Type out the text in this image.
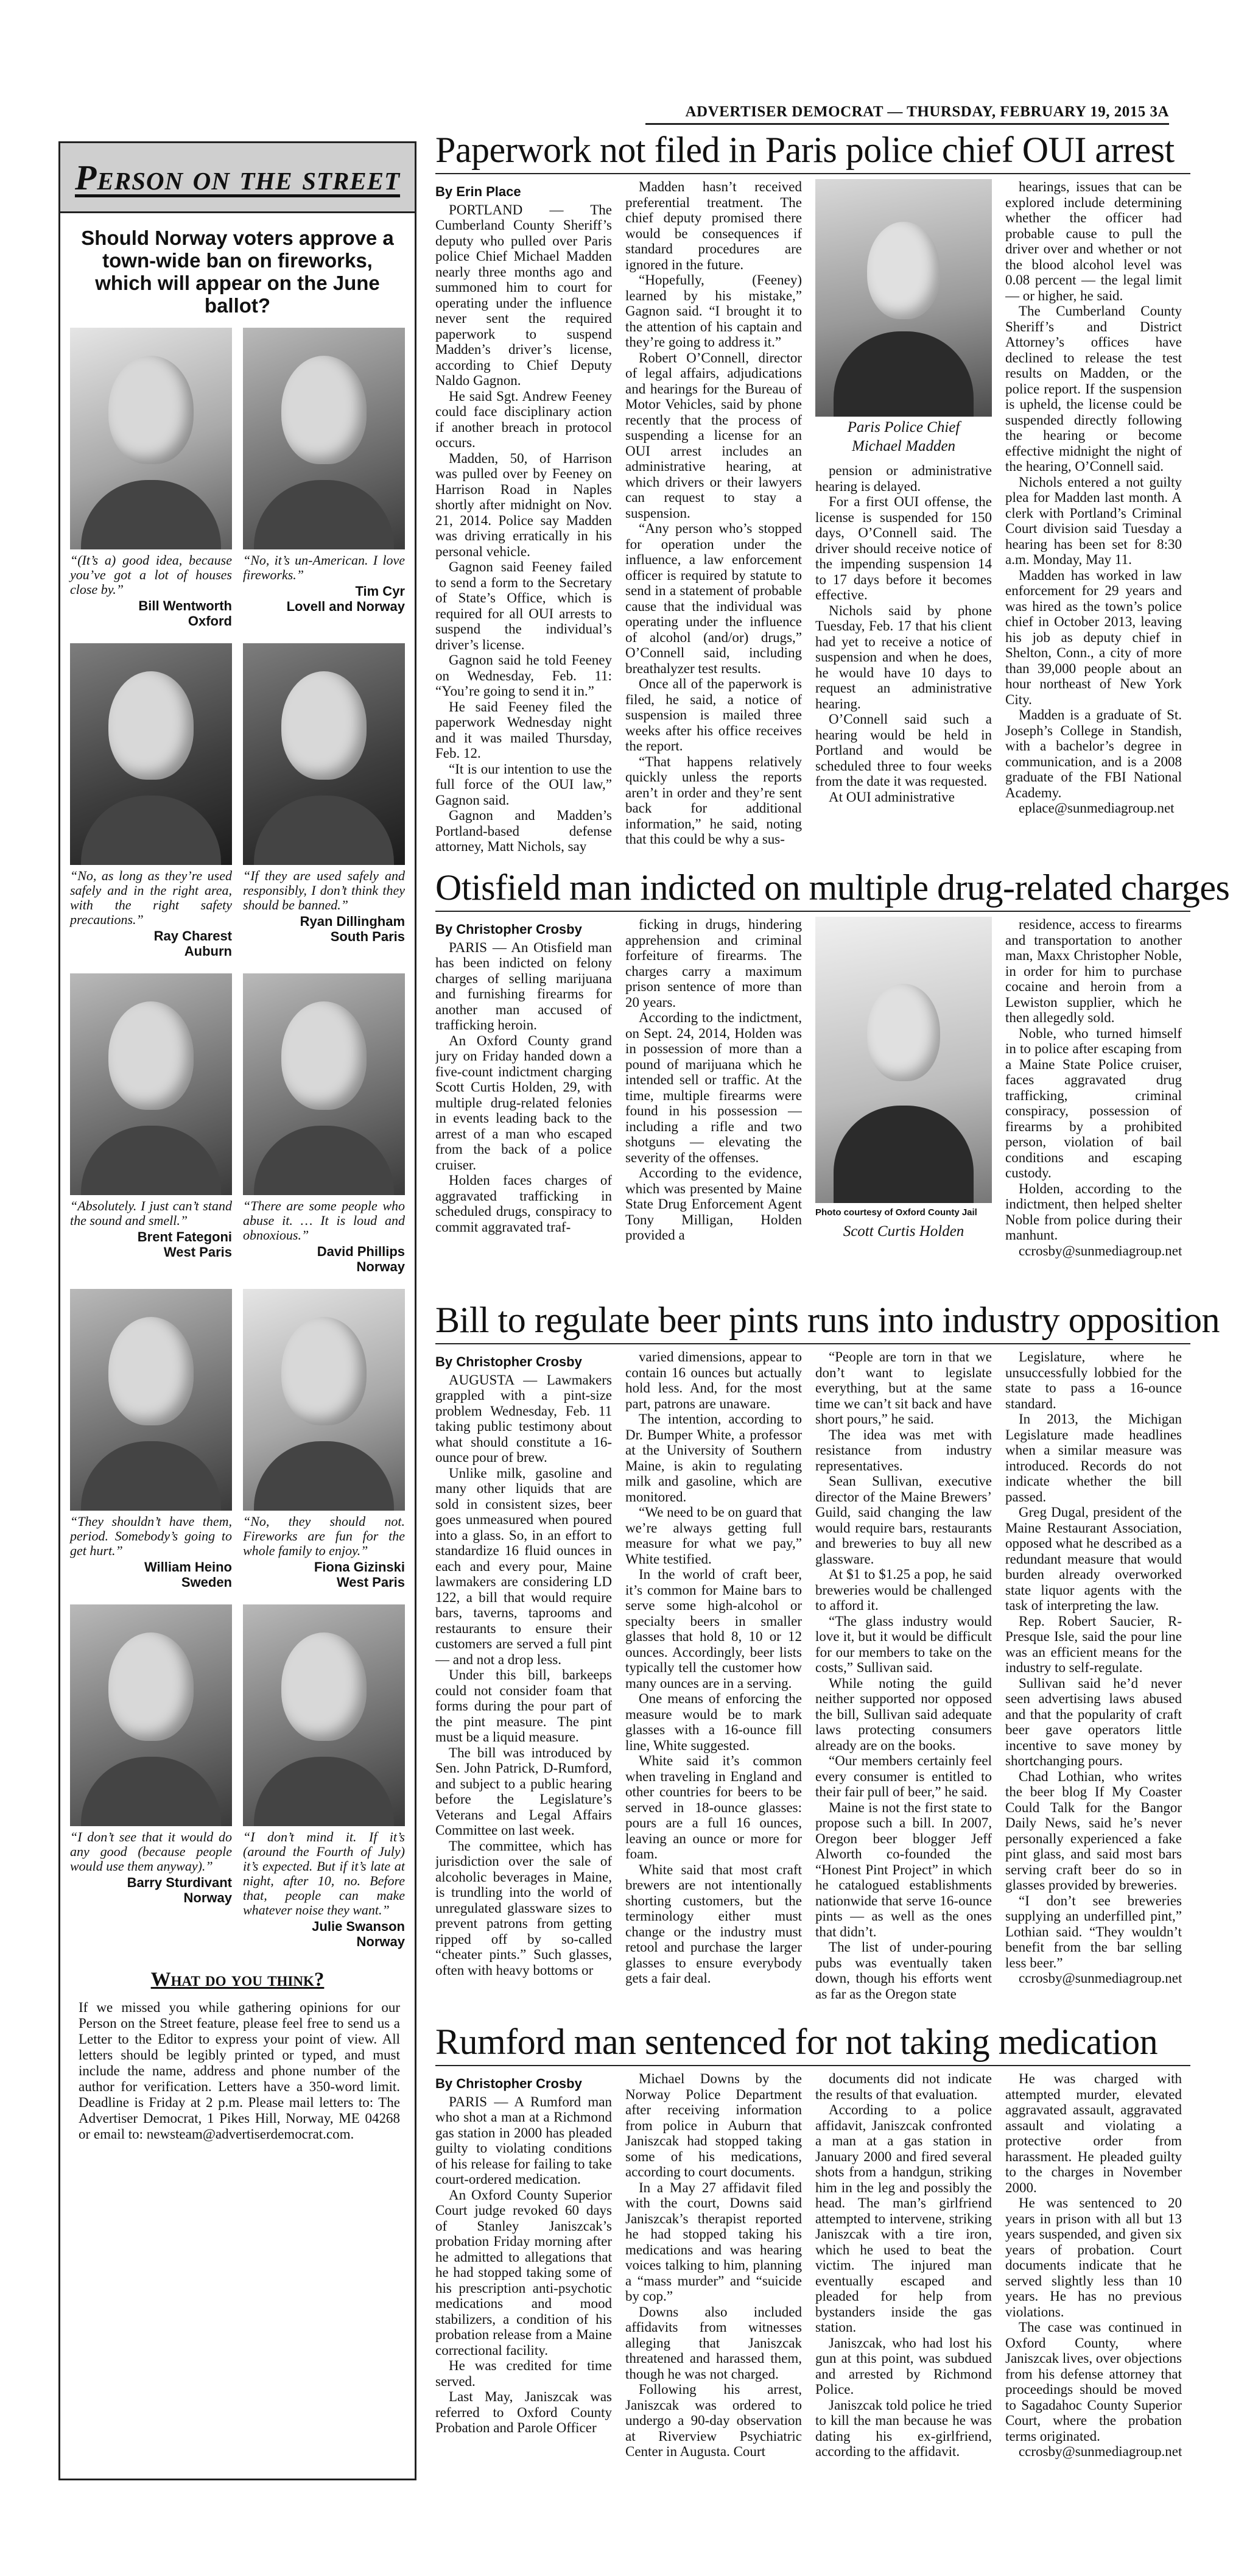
ADVERTISER DEMOCRAT — THURSDAY, FEBRUARY 19, 2015 3A
Person on the street
Should Norway voters approve a town-wide ban on fireworks, which will appear on the June ballot?
“(It’s a) good idea, because you’ve got a lot of houses close by.”
Bill Wentworth
Oxford
“No, it’s un-American. I love fireworks.”
Tim Cyr
Lovell and Norway
“No, as long as they’re used safely and in the right area, with the right safety precautions.”
Ray Charest
Auburn
“If they are used safely and responsibly, I don’t think they should be banned.”
Ryan Dillingham
South Paris
“Absolutely. I just can’t stand the sound and smell.”
Brent Fategoni
West Paris
“There are some people who abuse it. … It is loud and obnoxious.”
David Phillips
Norway
“They shouldn’t have them, period. Somebody’s going to get hurt.”
William Heino
Sweden
“No, they should not. Fireworks are fun for the whole family to enjoy.”
Fiona Gizinski
West Paris
“I don’t see that it would do any good (because people would use them anyway).”
Barry Sturdivant
Norway
“I don’t mind it. If it’s (around the Fourth of July) it’s expected. But if it’s late at night, after 10, no. Before that, people can make whatever noise they want.”
Julie Swanson
Norway
What do you think?
If we missed you while gathering opinions for our Person on the Street feature, please feel free to send us a Letter to the Editor to express your point of view. All letters should be legibly printed or typed, and must include the name, address and phone number of the author for verification. Letters have a 350-word limit. Deadline is Friday at 2 p.m. Please mail letters to: The Advertiser Democrat, 1 Pikes Hill, Norway, ME 04268 or email to: newsteam@advertiserdemocrat.com.
Paperwork not filed in Paris police chief OUI arrest
By Erin Place

PORTLAND — The Cumberland County Sheriff’s deputy who pulled over Paris police Chief Michael Madden nearly three months ago and summoned him to court for operating under the influence never sent the required paperwork to suspend Madden’s driver’s license, according to Chief Deputy Naldo Gagnon.

He said Sgt. Andrew Feeney could face disciplinary action if another breach in protocol occurs.

Madden, 50, of Harrison was pulled over by Feeney on Harrison Road in Naples shortly after midnight on Nov. 21, 2014. Police say Madden was driving erratically in his personal vehicle.

Gagnon said Feeney failed to send a form to the Secretary of State’s Office, which is required for all OUI arrests to suspend the individual’s driver’s license.

Gagnon said he told Feeney on Wednesday, Feb. 11: “You’re going to send it in.”

He said Feeney filed the paperwork Wednesday night and it was mailed Thursday, Feb. 12.

“It is our intention to use the full force of the OUI law,” Gagnon said.

Gagnon and Madden’s Portland-based defense attorney, Matt Nichols, say

Madden hasn’t received preferential treatment. The chief deputy promised there would be consequences if standard procedures are ignored in the future.

“Hopefully, (Feeney) learned by his mistake,” Gagnon said. “I brought it to the attention of his captain and they’re going to address it.”

Robert O’Connell, director of legal affairs, adjudications and hearings for the Bureau of Motor Vehicles, said by phone recently that the process of suspending a license for an OUI arrest includes an administrative hearing, at which drivers or their lawyers can request to stay a suspension.

“Any person who’s stopped for operation under the influence, a law enforcement officer is required by statute to send in a statement of probable cause that the individual was operating under the influence of alcohol (and/or) drugs,” O’Connell said, including breathalyzer test results.

Once all of the paperwork is filed, he said, a notice of suspension is mailed three weeks after his office receives the report.

“That happens relatively quickly unless the reports aren’t in order and they’re sent back for additional information,” he said, noting that this could be why a sus-

Paris Police Chief
Michael Madden

pension or administrative hearing is delayed.

For a first OUI offense, the license is suspended for 150 days, O’Connell said. The driver should receive notice of the impending suspension 14 to 17 days before it becomes effective.

Nichols said by phone Tuesday, Feb. 17 that his client had yet to receive a notice of suspension and when he does, he would have 10 days to request an administrative hearing.

O’Connell said such a hearing would be held in Portland and would be scheduled three to four weeks from the date it was requested.

At OUI administrative

hearings, issues that can be explored include determining whether the officer had probable cause to pull the driver over and whether or not the blood alcohol level was 0.08 percent — the legal limit — or higher, he said.

The Cumberland County Sheriff’s and District Attorney’s offices have declined to release the test results on Madden, or the police report. If the suspension is upheld, the license could be suspended directly following the hearing or become effective midnight the night of the hearing, O’Connell said.

Nichols entered a not guilty plea for Madden last month. A clerk with Portland’s Criminal Court division said Tuesday a hearing has been set for 8:30 a.m. Monday, May 11.

Madden has worked in law enforcement for 29 years and was hired as the town’s police chief in October 2013, leaving his job as deputy chief in Shelton, Conn., a city of more than 39,000 people about an hour northeast of New York City.

Madden is a graduate of St. Joseph’s College in Standish, with a bachelor’s degree in communication, and is a 2008 graduate of the FBI National Academy.

eplace@sunmediagroup.net

Otisfield man indicted on multiple drug-related charges
By Christopher Crosby

PARIS — An Otisfield man has been indicted on felony charges of selling marijuana and furnishing firearms for another man accused of trafficking heroin.

An Oxford County grand jury on Friday handed down a five-count indictment charging Scott Curtis Holden, 29, with multiple drug-related felonies in events leading back to the arrest of a man who escaped from the back of a police cruiser.

Holden faces charges of aggravated trafficking in scheduled drugs, conspiracy to commit aggravated traf-

ficking in drugs, hindering apprehension and criminal forfeiture of firearms. The charges carry a maximum prison sentence of more than 20 years.

According to the indictment, on Sept. 24, 2014, Holden was in possession of more than a pound of marijuana which he intended sell or traffic. At the time, multiple firearms were found in his possession — including a rifle and two shotguns — elevating the severity of the offenses.

According to the evidence, which was presented by Maine State Drug Enforcement Agent Tony Milligan, Holden provided a

Photo courtesy of Oxford County Jail
Scott Curtis Holden

residence, access to firearms and transportation to another man, Maxx Christopher Noble, in order for him to purchase cocaine and heroin from a Lewiston supplier, which he then allegedly sold.

Noble, who turned himself in to police after escaping from a Maine State Police cruiser, faces aggravated drug trafficking, criminal conspiracy, possession of firearms by a prohibited person, violation of bail conditions and escaping custody.

Holden, according to the indictment, then helped shelter Noble from police during their manhunt.

ccrosby@sunmediagroup.net

Bill to regulate beer pints runs into industry opposition
By Christopher Crosby

AUGUSTA — Lawmakers grappled with a pint-size problem Wednesday, Feb. 11 taking public testimony about what should constitute a 16-ounce pour of brew.

Unlike milk, gasoline and many other liquids that are sold in consistent sizes, beer goes unmeasured when poured into a glass. So, in an effort to standardize 16 fluid ounces in each and every pour, Maine lawmakers are considering LD 122, a bill that would require bars, taverns, taprooms and restaurants to ensure their customers are served a full pint — and not a drop less.

Under this bill, barkeeps could not consider foam that forms during the pour part of the pint measure. The pint must be a liquid measure.

The bill was introduced by Sen. John Patrick, D-Rumford, and subject to a public hearing before the Legislature’s Veterans and Legal Affairs Committee on last week.

The committee, which has jurisdiction over the sale of alcoholic beverages in Maine, is trundling into the world of unregulated glassware sizes to prevent patrons from getting ripped off by so-called “cheater pints.” Such glasses, often with heavy bottoms or

varied dimensions, appear to contain 16 ounces but actually hold less. And, for the most part, patrons are unaware.

The intention, according to Dr. Bumper White, a professor at the University of Southern Maine, is akin to regulating milk and gasoline, which are monitored.

“We need to be on guard that we’re always getting full measure for what we pay,” White testified.

In the world of craft beer, it’s common for Maine bars to serve some high-alcohol or specialty beers in smaller glasses that hold 8, 10 or 12 ounces. Accordingly, beer lists typically tell the customer how many ounces are in a serving.

One means of enforcing the measure would be to mark glasses with a 16-ounce fill line, White suggested.

White said it’s common when traveling in England and other countries for beers to be served in 18-ounce glasses: pours are a full 16 ounces, leaving an ounce or more for foam.

White said that most craft brewers are not intentionally shorting customers, but the terminology either must change or the industry must retool and purchase the larger glasses to ensure everybody gets a fair deal.

“People are torn in that we don’t want to legislate everything, but at the same time we can’t sit back and have short pours,” he said.

The idea was met with resistance from industry representatives.

Sean Sullivan, executive director of the Maine Brewers’ Guild, said changing the law would require bars, restaurants and breweries to buy all new glassware.

At $1 to $1.25 a pop, he said breweries would be challenged to afford it.

“The glass industry would love it, but it would be difficult for our members to take on the costs,” Sullivan said.

While noting the guild neither supported nor opposed the bill, Sullivan said adequate laws protecting consumers already are on the books.

“Our members certainly feel every consumer is entitled to their fair pull of beer,” he said.

Maine is not the first state to propose such a bill. In 2007, Oregon beer blogger Jeff Alworth co-founded the “Honest Pint Project” in which he catalogued establishments nationwide that serve 16-ounce pints — as well as the ones that didn’t.

The list of under-pouring pubs was eventually taken down, though his efforts went as far as the Oregon state

Legislature, where he unsuccessfully lobbied for the state to pass a 16-ounce standard.

In 2013, the Michigan Legislature made headlines when a similar measure was introduced. Records do not indicate whether the bill passed.

Greg Dugal, president of the Maine Restaurant Association, opposed what he described as a redundant measure that would burden already overworked state liquor agents with the task of interpreting the law.

Rep. Robert Saucier, R-Presque Isle, said the pour line was an efficient means for the industry to self-regulate.

Sullivan said he’d never seen advertising laws abused and that the popularity of craft beer gave operators little incentive to save money by shortchanging pours.

Chad Lothian, who writes the beer blog If My Coaster Could Talk for the Bangor Daily News, said he’s never personally experienced a fake pint glass, and said most bars serving craft beer do so in glasses provided by breweries.

“I don’t see breweries supplying an underfilled pint,” Lothian said. “They wouldn’t benefit from the bar selling less beer.”

ccrosby@sunmediagroup.net

Rumford man sentenced for not taking medication
By Christopher Crosby

PARIS — A Rumford man who shot a man at a Richmond gas station in 2000 has pleaded guilty to violating conditions of his release for failing to take court-ordered medication.

An Oxford County Superior Court judge revoked 60 days of Stanley Janiszcak’s probation Friday morning after he admitted to allegations that he had stopped taking some of his prescription anti-psychotic medications and mood stabilizers, a condition of his probation release from a Maine correctional facility.

He was credited for time served.

Last May, Janiszcak was referred to Oxford County Probation and Parole Officer

Michael Downs by the Norway Police Department after receiving information from police in Auburn that Janiszcak had stopped taking some of his medications, according to court documents.

In a May 27 affidavit filed with the court, Downs said Janiszcak’s therapist reported he had stopped taking his medications and was hearing voices talking to him, planning a “mass murder” and “suicide by cop.”

Downs also included affidavits from witnesses alleging that Janiszcak threatened and harassed them, though he was not charged.

Following his arrest, Janiszcak was ordered to undergo a 90-day observation at Riverview Psychiatric Center in Augusta. Court

documents did not indicate the results of that evaluation.

According to a police affidavit, Janiszcak confronted a man at a gas station in January 2000 and fired several shots from a handgun, striking him in the leg and possibly the head. The man’s girlfriend attempted to intervene, striking Janiszcak with a tire iron, which he used to beat the victim. The injured man eventually escaped and pleaded for help from bystanders inside the gas station.

Janiszcak, who had lost his gun at this point, was subdued and arrested by Richmond Police.

Janiszcak told police he tried to kill the man because he was dating his ex-girlfriend, according to the affidavit.

He was charged with attempted murder, elevated aggravated assault, aggravated assault and violating a protective order from harassment. He pleaded guilty to the charges in November 2000.

He was sentenced to 20 years in prison with all but 13 years suspended, and given six years of probation. Court documents indicate that he served slightly less than 10 years. He has no previous violations.

The case was continued in Oxford County, where Janiszcak lives, over objections from his defense attorney that proceedings should be moved to Sagadahoc County Superior Court, where the probation terms originated.

ccrosby@sunmediagroup.net
